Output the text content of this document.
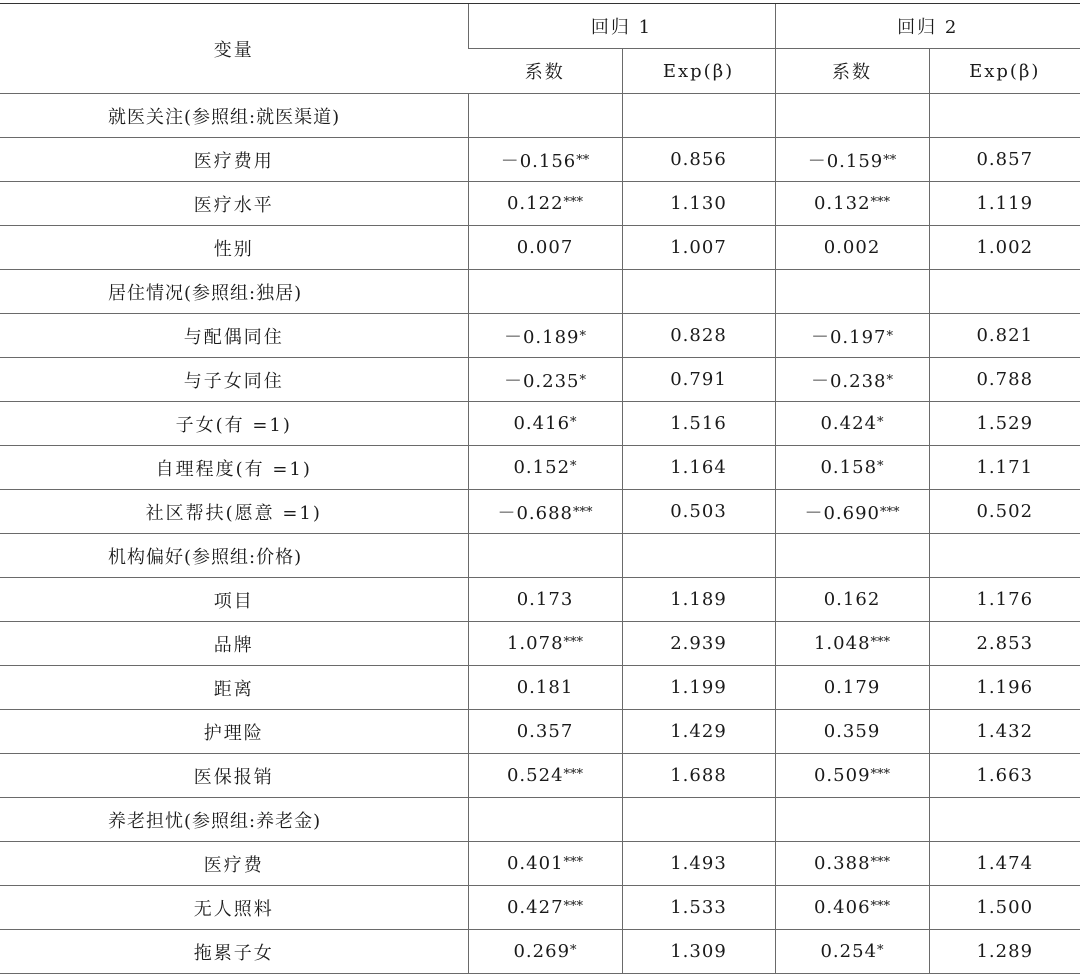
变量	回归 1		回归 2	
	系数	Exp(β)	系数	Exp(β)
就医关注(参照组:就医渠道)				
医疗费用	－0.156**	0.856	－0.159**	0.857
医疗水平	0.122***	1.130	0.132***	1.119
性别	0.007	1.007	0.002	1.002
居住情况(参照组:独居)				
与配偶同住	－0.189*	0.828	－0.197*	0.821
与子女同住	－0.235*	0.791	－0.238*	0.788
子女(有 =1)	0.416*	1.516	0.424*	1.529
自理程度(有 =1)	0.152*	1.164	0.158*	1.171
社区帮扶(愿意 =1)	－0.688***	0.503	－0.690***	0.502
机构偏好(参照组:价格)				
项目	0.173	1.189	0.162	1.176
品牌	1.078***	2.939	1.048***	2.853
距离	0.181	1.199	0.179	1.196
护理险	0.357	1.429	0.359	1.432
医保报销	0.524***	1.688	0.509***	1.663
养老担忧(参照组:养老金)				
医疗费	0.401***	1.493	0.388***	1.474
无人照料	0.427***	1.533	0.406***	1.500
拖累子女	0.269*	1.309	0.254*	1.289
